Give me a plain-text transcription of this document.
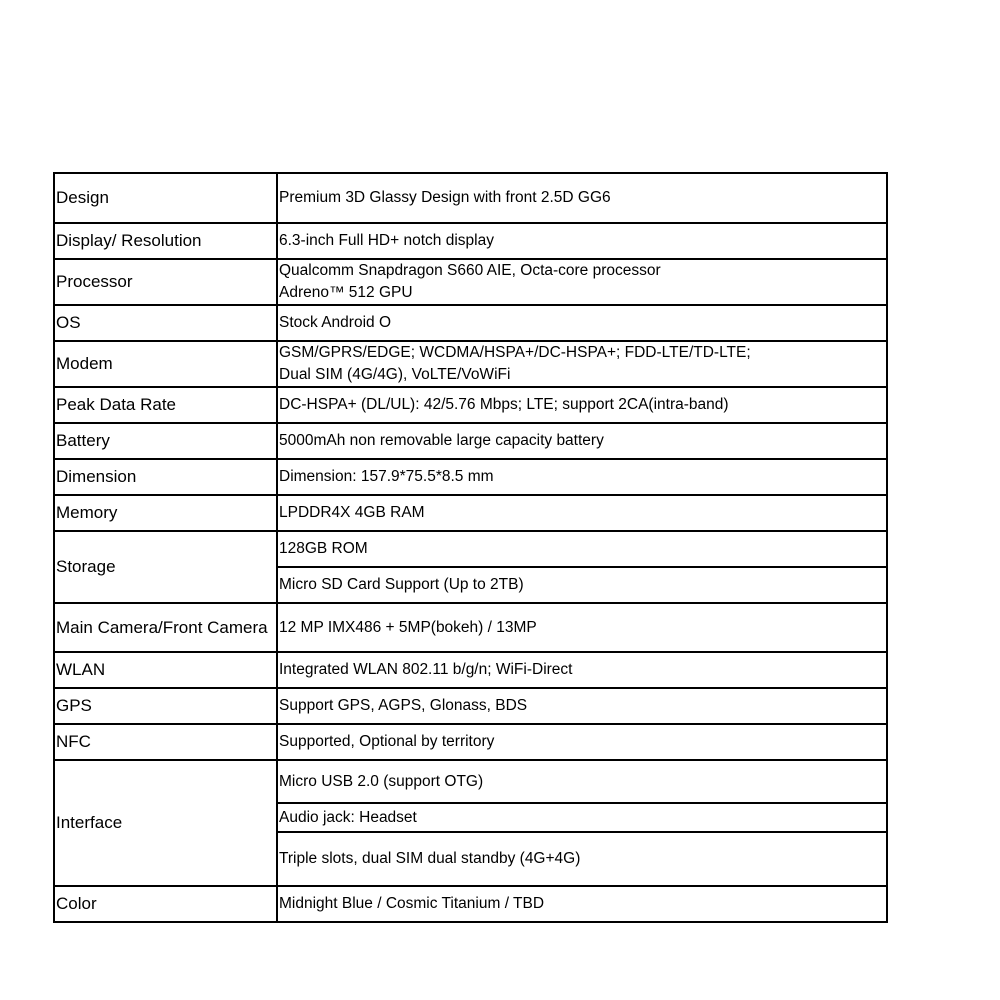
Design	Premium 3D Glassy Design with front 2.5D GG6

Display/ Resolution	6.3-inch Full HD+ notch display

Processor	Qualcomm Snapdragon S660 AIE, Octa-core processor
Adreno™ 512 GPU

OS	Stock Android O

Modem	GSM/GPRS/EDGE; WCDMA/HSPA+/DC-HSPA+; FDD-LTE/TD-LTE;
Dual SIM (4G/4G), VoLTE/VoWiFi

Peak Data Rate	DC-HSPA+ (DL/UL): 42/5.76 Mbps; LTE; support 2CA(intra-band)

Battery	5000mAh non removable large capacity battery

Dimension	Dimension: 157.9*75.5*8.5 mm

Memory	LPDDR4X 4GB RAM

Storage	128GB ROM

	Micro SD Card Support (Up to 2TB)

Main Camera/Front Camera	12 MP IMX486 + 5MP(bokeh) / 13MP

WLAN	Integrated WLAN 802.11 b/g/n; WiFi-Direct

GPS	Support GPS, AGPS, Glonass, BDS

NFC	Supported, Optional by territory

Interface	Micro USB 2.0 (support OTG)

	Audio jack: Headset

	Triple slots, dual SIM dual standby (4G+4G)

Color	Midnight Blue / Cosmic Titanium / TBD
